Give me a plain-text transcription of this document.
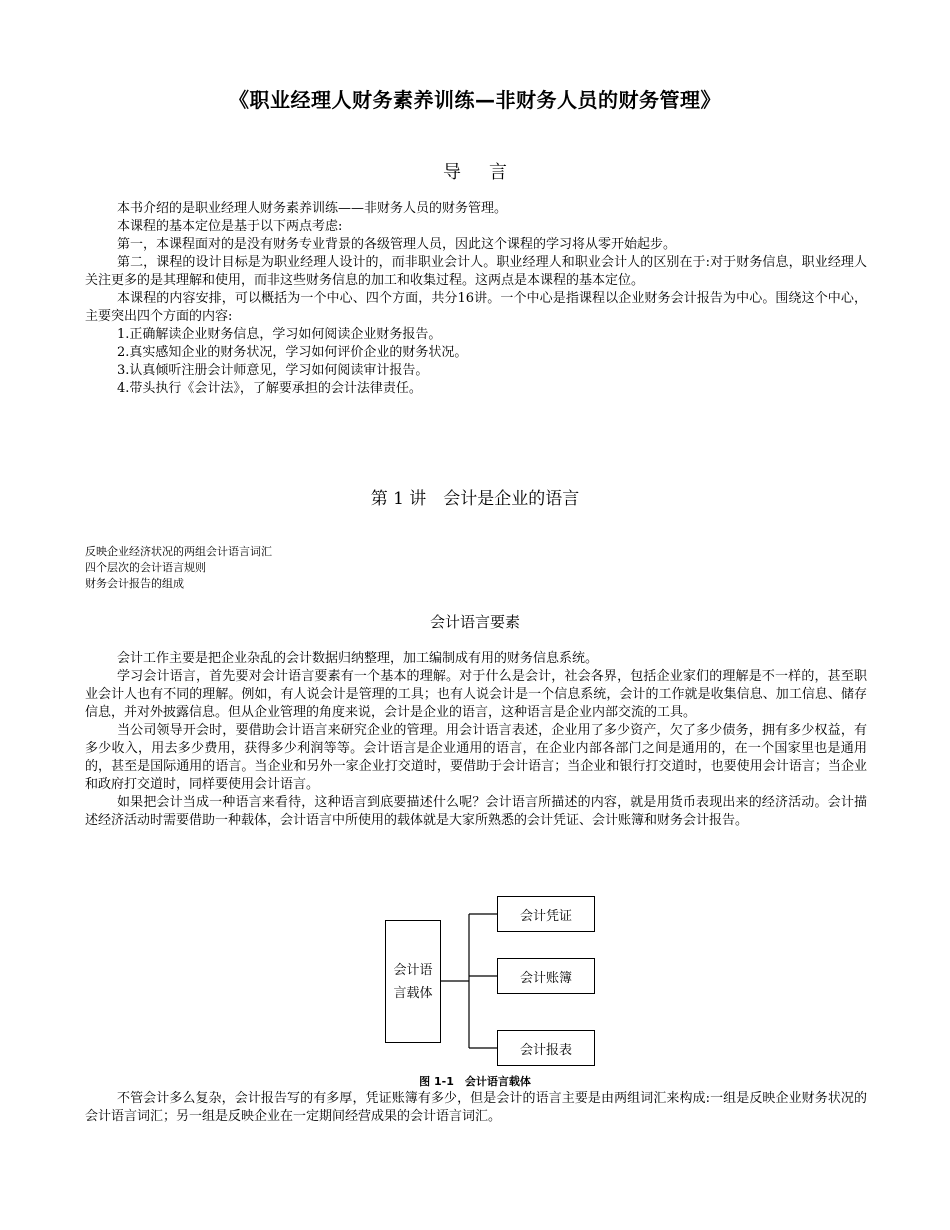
《职业经理人财务素养训练—非财务人员的财务管理》
导言

本书介绍的是职业经理人财务素养训练——非财务人员的财务管理。

本课程的基本定位是基于以下两点考虑:

第一，本课程面对的是没有财务专业背景的各级管理人员，因此这个课程的学习将从零开始起步。

第二，课程的设计目标是为职业经理人设计的，而非职业会计人。职业经理人和职业会计人的区别在于:对于财务信息，职业经理人关注更多的是其理解和使用，而非这些财务信息的加工和收集过程。这两点是本课程的基本定位。

本课程的内容安排，可以概括为一个中心、四个方面，共分16讲。一个中心是指课程以企业财务会计报告为中心。围绕这个中心，主要突出四个方面的内容:

1.正确解读企业财务信息，学习如何阅读企业财务报告。

2.真实感知企业的财务状况，学习如何评价企业的财务状况。

3.认真倾听注册会计师意见，学习如何阅读审计报告。

4.带头执行《会计法》，了解要承担的会计法律责任。

第 1 讲　会计是企业的语言
反映企业经济状况的两组会计语言词汇
四个层次的会计语言规则
财务会计报告的组成
会计语言要素

会计工作主要是把企业杂乱的会计数据归纳整理，加工编制成有用的财务信息系统。

学习会计语言，首先要对会计语言要素有一个基本的理解。对于什么是会计，社会各界，包括企业家们的理解是不一样的，甚至职业会计人也有不同的理解。例如，有人说会计是管理的工具；也有人说会计是一个信息系统，会计的工作就是收集信息、加工信息、储存信息，并对外披露信息。但从企业管理的角度来说，会计是企业的语言，这种语言是企业内部交流的工具。

当公司领导开会时，要借助会计语言来研究企业的管理。用会计语言表述，企业用了多少资产，欠了多少债务，拥有多少权益，有多少收入，用去多少费用，获得多少利润等等。会计语言是企业通用的语言，在企业内部各部门之间是通用的，在一个国家里也是通用的，甚至是国际通用的语言。当企业和另外一家企业打交道时，要借助于会计语言；当企业和银行打交道时，也要使用会计语言；当企业和政府打交道时，同样要使用会计语言。

如果把会计当成一种语言来看待，这种语言到底要描述什么呢？会计语言所描述的内容，就是用货币表现出来的经济活动。会计描述经济活动时需要借助一种载体，会计语言中所使用的载体就是大家所熟悉的会计凭证、会计账簿和财务会计报告。

会计语言载体
会计凭证
会计账簿
会计报表
图 1-1　会计语言载体

不管会计多么复杂，会计报告写的有多厚，凭证账簿有多少，但是会计的语言主要是由两组词汇来构成:一组是反映企业财务状况的会计语言词汇；另一组是反映企业在一定期间经营成果的会计语言词汇。
